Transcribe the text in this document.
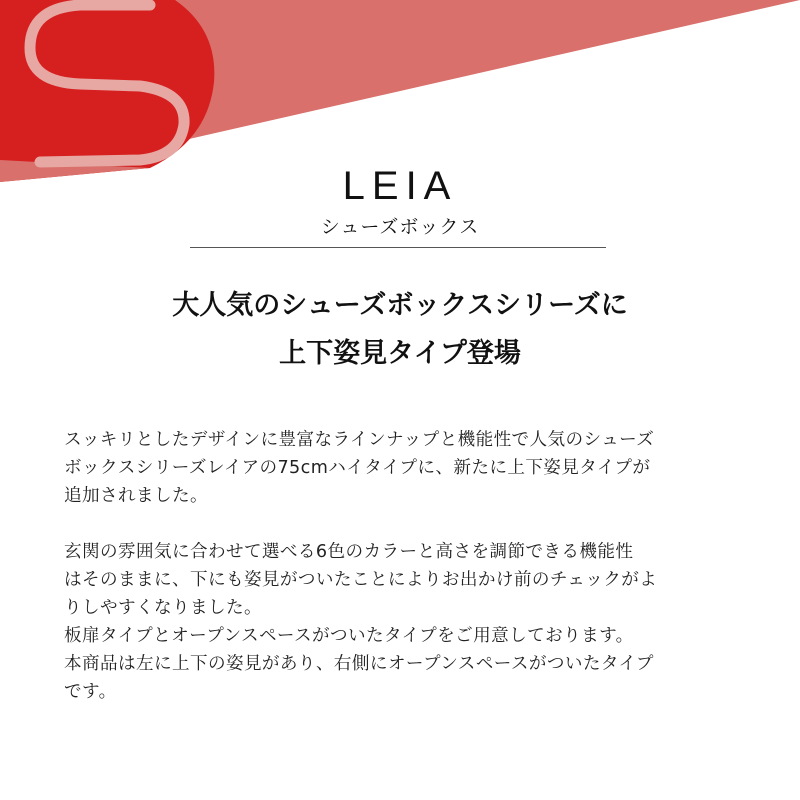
LEIA
シューズボックス
大人気のシューズボックスシリーズに
上下姿見タイプ登場
スッキリとしたデザインに豊富なラインナップと機能性で人気のシューズ
ボックスシリーズレイアの75cmハイタイプに、新たに上下姿見タイプが
追加されました。
玄関の雰囲気に合わせて選べる6色のカラーと高さを調節できる機能性
はそのままに、下にも姿見がついたことによりお出かけ前のチェックがよ
りしやすくなりました。
板扉タイプとオープンスペースがついたタイプをご用意しております。
本商品は左に上下の姿見があり、右側にオープンスペースがついたタイプ
です。
